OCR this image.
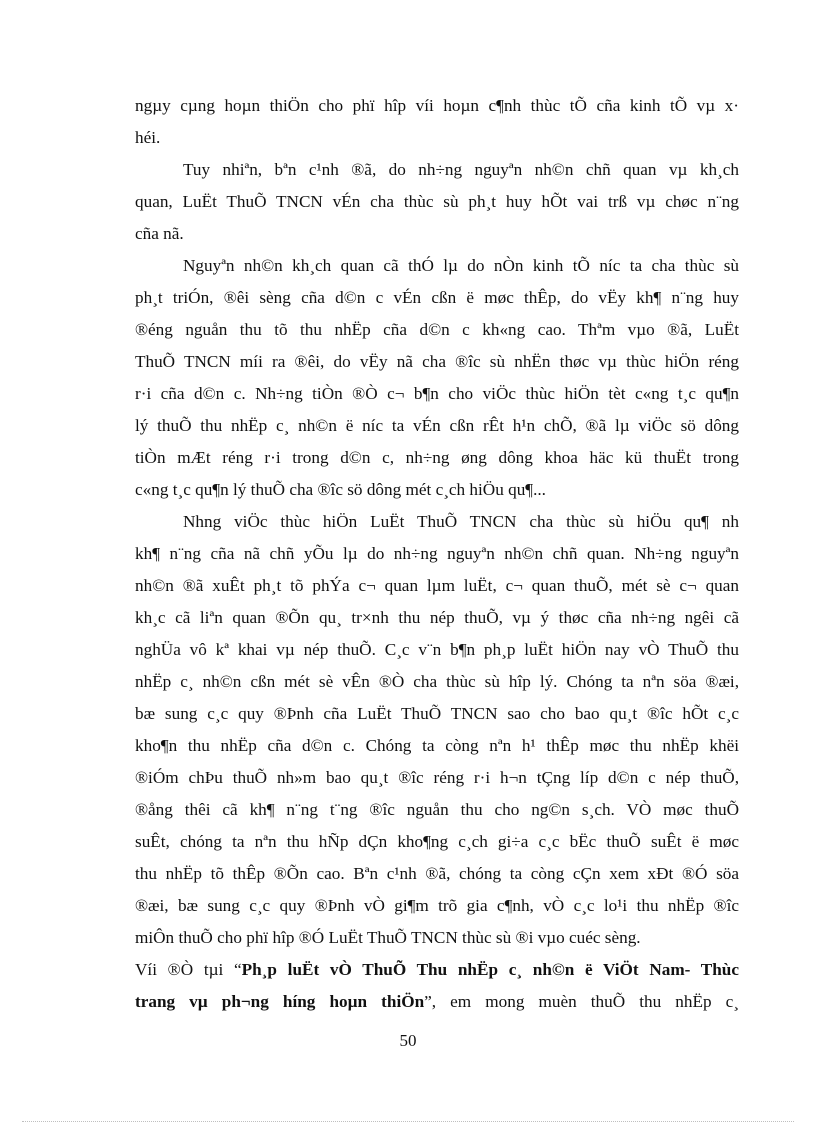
ngµy cµng hoµn thiÖn cho phï hîp víi hoµn c¶nh thùc tÕ cña kinh tÕ vµ x·
héi.
Tuy nhiªn, bªn c¹nh ®ã, do nh÷ng nguyªn nh©n chñ quan vµ kh¸ch
quan, LuËt ThuÕ TNCN vÉn cha thùc sù ph¸t huy hÕt vai trß vµ chøc n¨ng
cña nã.
Nguyªn nh©n kh¸ch quan cã thÓ lµ do nÒn kinh tÕ níc ta cha thùc sù
ph¸t triÓn, ®êi sèng cña d©n c vÉn cßn ë møc thÊp, do vËy kh¶ n¨ng huy
®éng nguån thu tõ thu nhËp cña d©n c kh«ng cao. Thªm vµo ®ã, LuËt
ThuÕ TNCN míi ra ®êi, do vËy nã cha ®îc sù nhËn thøc vµ thùc hiÖn réng
r·i cña d©n c. Nh÷ng tiÒn ®Ò c¬ b¶n cho viÖc thùc hiÖn tèt c«ng t¸c qu¶n
lý thuÕ thu nhËp c¸ nh©n ë níc ta vÉn cßn rÊt h¹n chÕ, ®ã lµ viÖc sö dông
tiÒn mÆt réng r·i trong d©n c, nh÷ng øng dông khoa häc kü thuËt trong
c«ng t¸c qu¶n lý thuÕ cha ®îc sö dông mét c¸ch hiÖu qu¶...
Nhng viÖc thùc hiÖn LuËt ThuÕ TNCN cha thùc sù hiÖu qu¶ nh
kh¶ n¨ng cña nã chñ yÕu lµ do nh÷ng nguyªn nh©n chñ quan. Nh÷ng nguyªn
nh©n ®ã xuÊt ph¸t tõ phÝa c¬ quan lµm luËt, c¬ quan thuÕ, mét sè c¬ quan
kh¸c cã liªn quan ®Õn qu¸ tr×nh thu nép thuÕ, vµ ý thøc cña nh÷ng ngêi cã
nghÜa vô kª khai vµ nép thuÕ. C¸c v¨n b¶n ph¸p luËt hiÖn nay vÒ ThuÕ thu
nhËp c¸ nh©n cßn mét sè vÊn ®Ò cha thùc sù hîp lý. Chóng ta nªn söa ®æi,
bæ sung c¸c quy ®Þnh cña LuËt ThuÕ TNCN sao cho bao qu¸t ®îc hÕt c¸c
kho¶n thu nhËp cña d©n c. Chóng ta còng nªn h¹ thÊp møc thu nhËp khëi
®iÓm chÞu thuÕ nh»m bao qu¸t ®îc réng r·i h¬n tÇng líp d©n c nép thuÕ,
®ång thêi cã kh¶ n¨ng t¨ng ®îc nguån thu cho ng©n s¸ch. VÒ møc thuÕ
suÊt, chóng ta nªn thu hÑp dÇn kho¶ng c¸ch gi÷a c¸c bËc thuÕ suÊt ë møc
thu nhËp tõ thÊp ®Õn cao. Bªn c¹nh ®ã, chóng ta còng cÇn xem xÐt ®Ó söa
®æi, bæ sung c¸c quy ®Þnh vÒ gi¶m trõ gia c¶nh, vÒ c¸c lo¹i thu nhËp ®îc
miÔn thuÕ cho phï hîp ®Ó LuËt ThuÕ TNCN thùc sù ®i vµo cuéc sèng.
Víi ®Ò tµi “Ph¸p luËt vÒ ThuÕ Thu nhËp c¸ nh©n ë ViÖt Nam- Thùc
trang vµ ph¬ng híng hoµn thiÖn”, em mong muèn thuÕ thu nhËp c¸
50
